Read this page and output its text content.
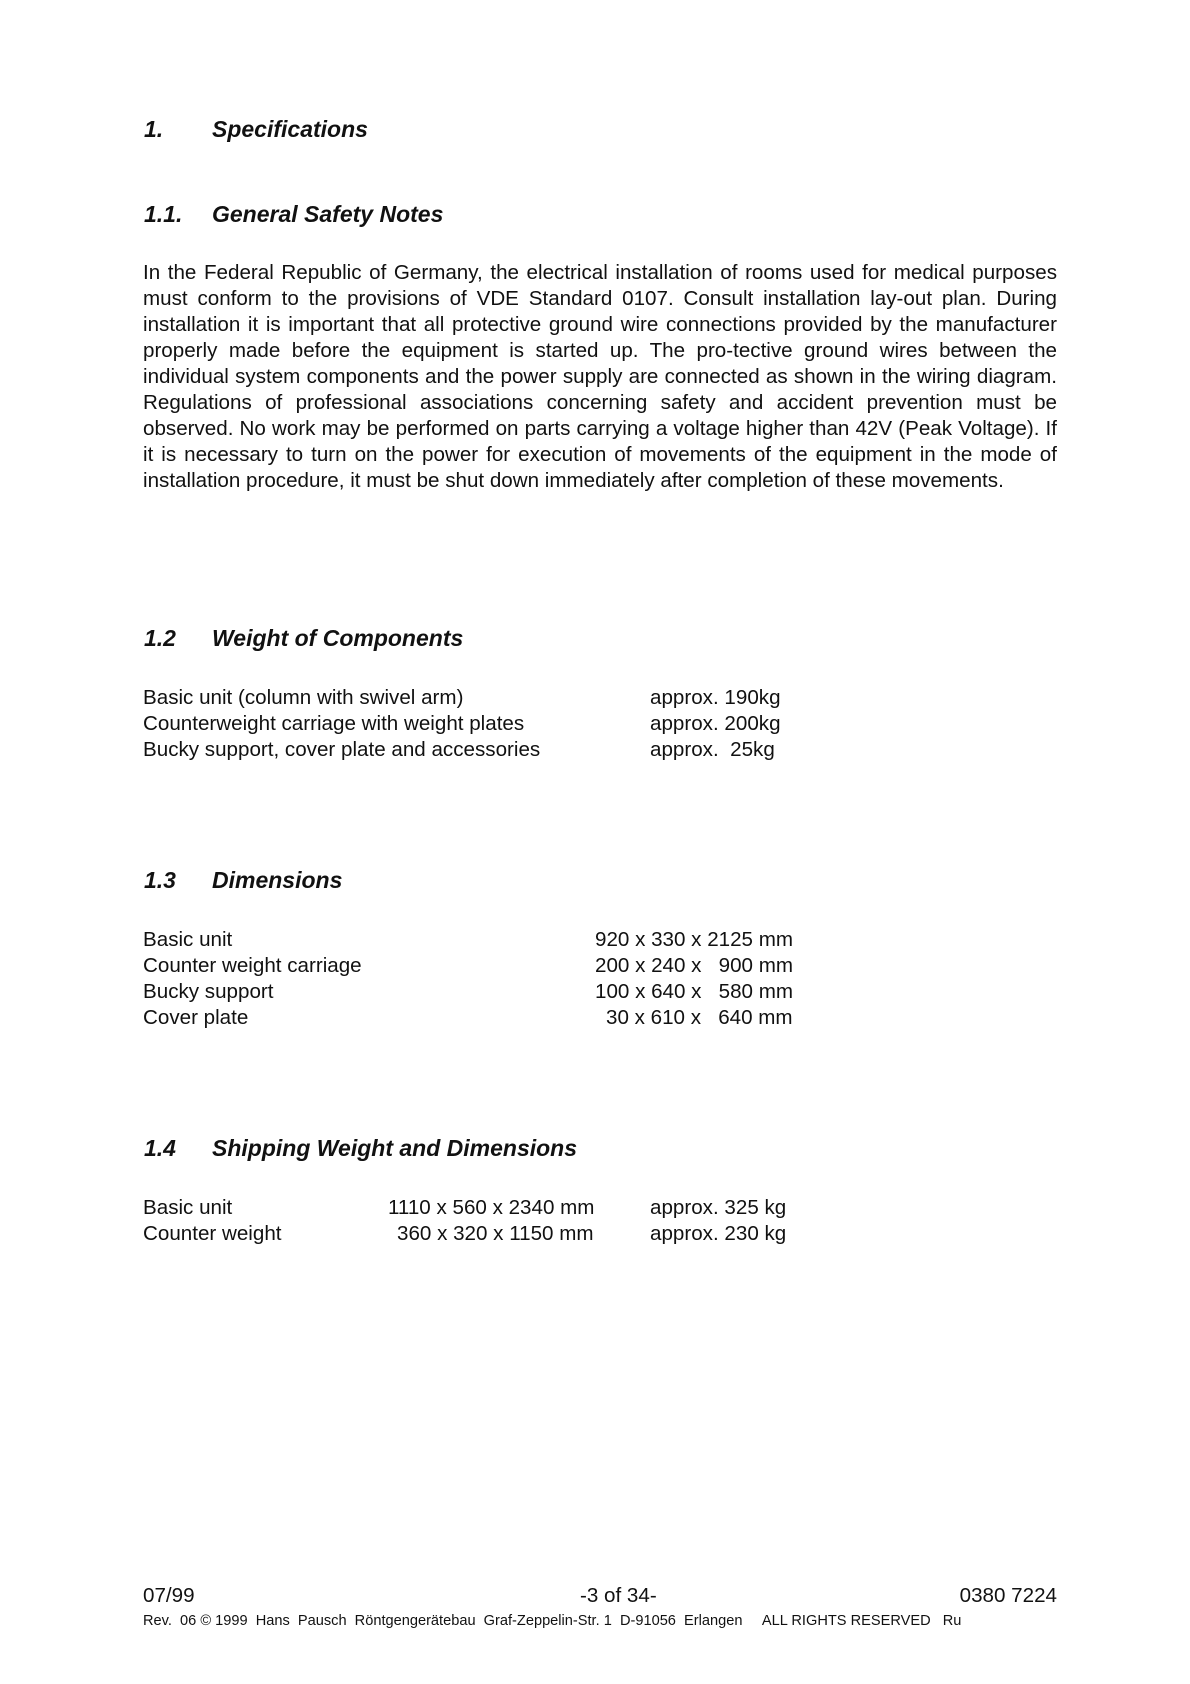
1. Specifications
1.1. General Safety Notes

In the Federal Republic of Germany, the electrical installation of rooms used for medical purposes must conform to the provisions of VDE Standard 0107. Consult installation lay-out plan. During installation it is important that all protective ground wire connections provided by the manufacturer properly made before the equipment is started up. The pro-tective ground wires between the individual system components and the power supply are connected as shown in the wiring diagram. Regulations of professional associations concerning safety and accident prevention must be observed. No work may be performed on parts carrying a voltage higher than 42V (Peak Voltage). If it is necessary to turn on the power for execution of movements of the equipment in the mode of installation procedure, it must be shut down immediately after completion of these movements.

1.2 Weight of Components
Basic unit (column with swivel arm)	approx. 190kg
Counterweight carriage with weight plates	approx. 200kg
Bucky support, cover plate and accessories	approx.  25kg
1.3 Dimensions
Basic unit	920 x 330 x 2125 mm
Counter weight carriage	200 x 240 x   900 mm
Bucky support	100 x 640 x   580 mm
Cover plate	30 x 610 x   640 mm
1.4 Shipping Weight and Dimensions
Basic unit	1110 x 560 x 2340 mm	approx. 325 kg
Counter weight	360 x 320 x 1150 mm	approx. 230 kg
07/99	-3 of 34-	0380 7224
Rev.  06 © 1999  Hans  Pausch  Röntgengerätebau  Graf-Zeppelin-Str. 1  D-91056  Erlangen     ALL RIGHTS RESERVED   Ru
